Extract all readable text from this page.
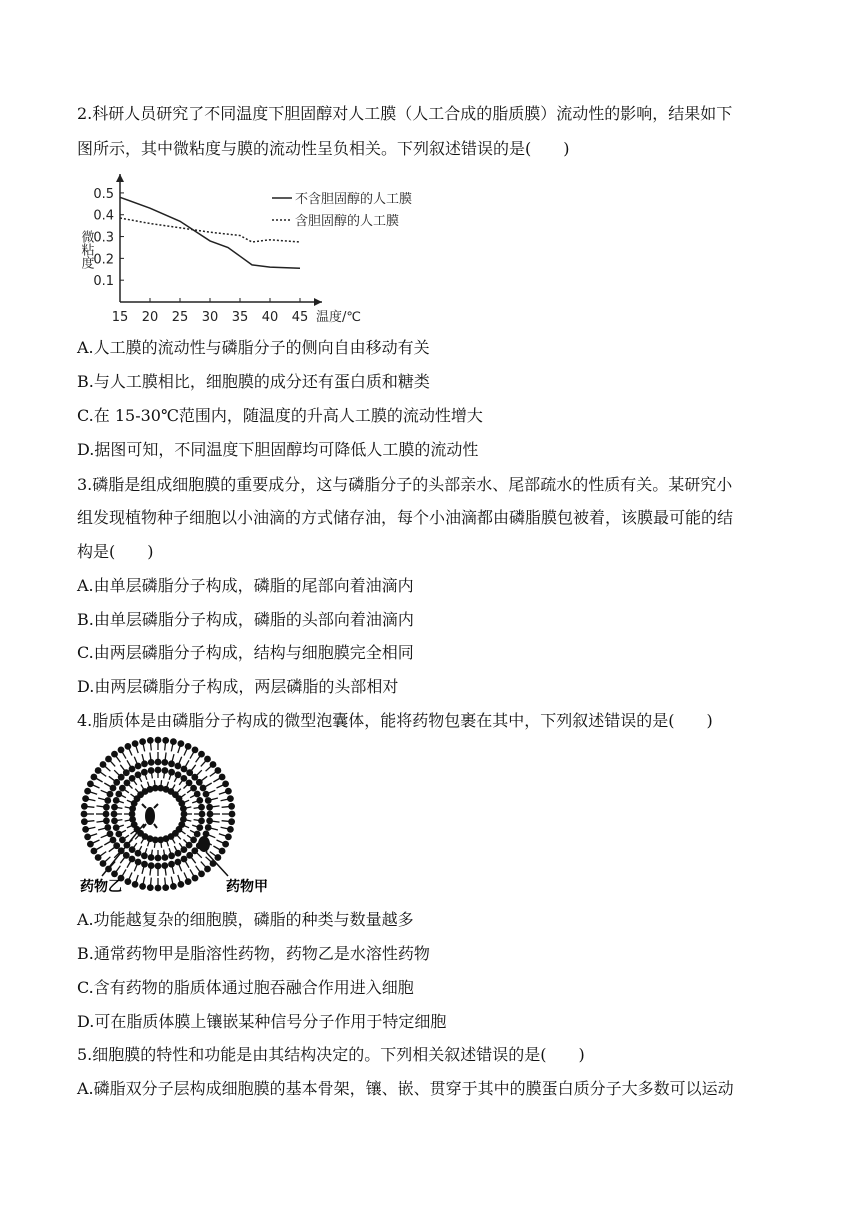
2.科研人员研究了不同温度下胆固醇对人工膜（人工合成的脂质膜）流动性的影响，结果如下
图所示，其中微粘度与膜的流动性呈负相关。下列叙述错误的是(　　)
15 20 25 30 35 40 45
0.1
0.2
0.3
0.4
0.5
温度/℃
微粘度
不含胆固醇的人工膜
含胆固醇的人工膜
A.人工膜的流动性与磷脂分子的侧向自由移动有关
B.与人工膜相比，细胞膜的成分还有蛋白质和糖类
C.在 15-30℃范围内，随温度的升高人工膜的流动性增大
D.据图可知，不同温度下胆固醇均可降低人工膜的流动性
3.磷脂是组成细胞膜的重要成分，这与磷脂分子的头部亲水、尾部疏水的性质有关。某研究小
组发现植物种子细胞以小油滴的方式储存油，每个小油滴都由磷脂膜包被着，该膜最可能的结
构是(　　)
A.由单层磷脂分子构成，磷脂的尾部向着油滴内
B.由单层磷脂分子构成，磷脂的头部向着油滴内
C.由两层磷脂分子构成，结构与细胞膜完全相同
D.由两层磷脂分子构成，两层磷脂的头部相对
4.脂质体是由磷脂分子构成的微型泡囊体，能将药物包裹在其中，下列叙述错误的是(　　)
药物乙	药物甲
A.功能越复杂的细胞膜，磷脂的种类与数量越多
B.通常药物甲是脂溶性药物，药物乙是水溶性药物
C.含有药物的脂质体通过胞吞融合作用进入细胞
D.可在脂质体膜上镶嵌某种信号分子作用于特定细胞
5.细胞膜的特性和功能是由其结构决定的。下列相关叙述错误的是(　　)
A.磷脂双分子层构成细胞膜的基本骨架，镶、嵌、贯穿于其中的膜蛋白质分子大多数可以运动
